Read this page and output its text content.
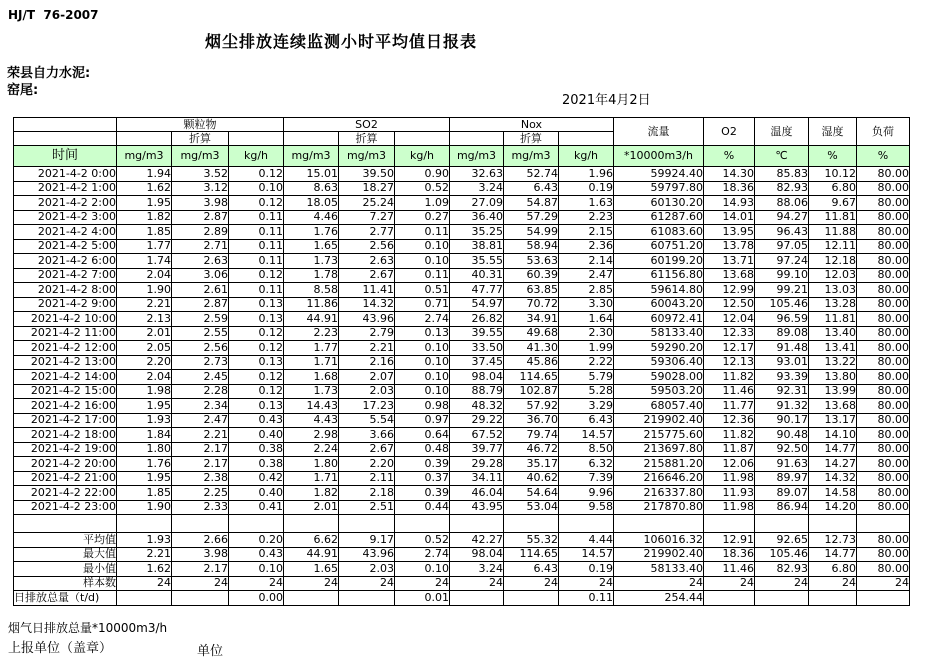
HJ/T  76-2007
烟尘排放连续监测小时平均值日报表
荣县自力水泥:
窑尾:
2021年4月2日
	颗粒物			SO2			Nox			流量	O2	温度	湿度	负荷
		折算			折算			折算						
时间	mg/m3	mg/m3	kg/h	mg/m3	mg/m3	kg/h	mg/m3	mg/m3	kg/h	*10000m3/h	%	℃	%	%
2021-4-2 0:00	1.94	3.52	0.12	15.01	39.50	0.90	32.63	52.74	1.96	59924.40	14.30	85.83	10.12	80.00
2021-4-2 1:00	1.62	3.12	0.10	8.63	18.27	0.52	3.24	6.43	0.19	59797.80	18.36	82.93	6.80	80.00
2021-4-2 2:00	1.95	3.98	0.12	18.05	25.24	1.09	27.09	54.87	1.63	60130.20	14.93	88.06	9.67	80.00
2021-4-2 3:00	1.82	2.87	0.11	4.46	7.27	0.27	36.40	57.29	2.23	61287.60	14.01	94.27	11.81	80.00
2021-4-2 4:00	1.85	2.89	0.11	1.76	2.77	0.11	35.25	54.99	2.15	61083.60	13.95	96.43	11.88	80.00
2021-4-2 5:00	1.77	2.71	0.11	1.65	2.56	0.10	38.81	58.94	2.36	60751.20	13.78	97.05	12.11	80.00
2021-4-2 6:00	1.74	2.63	0.11	1.73	2.63	0.10	35.55	53.63	2.14	60199.20	13.71	97.24	12.18	80.00
2021-4-2 7:00	2.04	3.06	0.12	1.78	2.67	0.11	40.31	60.39	2.47	61156.80	13.68	99.10	12.03	80.00
2021-4-2 8:00	1.90	2.61	0.11	8.58	11.41	0.51	47.77	63.85	2.85	59614.80	12.99	99.21	13.03	80.00
2021-4-2 9:00	2.21	2.87	0.13	11.86	14.32	0.71	54.97	70.72	3.30	60043.20	12.50	105.46	13.28	80.00
2021-4-2 10:00	2.13	2.59	0.13	44.91	43.96	2.74	26.82	34.91	1.64	60972.41	12.04	96.59	11.81	80.00
2021-4-2 11:00	2.01	2.55	0.12	2.23	2.79	0.13	39.55	49.68	2.30	58133.40	12.33	89.08	13.40	80.00
2021-4-2 12:00	2.05	2.56	0.12	1.77	2.21	0.10	33.50	41.30	1.99	59290.20	12.17	91.48	13.41	80.00
2021-4-2 13:00	2.20	2.73	0.13	1.71	2.16	0.10	37.45	45.86	2.22	59306.40	12.13	93.01	13.22	80.00
2021-4-2 14:00	2.04	2.45	0.12	1.68	2.07	0.10	98.04	114.65	5.79	59028.00	11.82	93.39	13.80	80.00
2021-4-2 15:00	1.98	2.28	0.12	1.73	2.03	0.10	88.79	102.87	5.28	59503.20	11.46	92.31	13.99	80.00
2021-4-2 16:00	1.95	2.34	0.13	14.43	17.23	0.98	48.32	57.92	3.29	68057.40	11.77	91.32	13.68	80.00
2021-4-2 17:00	1.93	2.47	0.43	4.43	5.54	0.97	29.22	36.70	6.43	219902.40	12.36	90.17	13.17	80.00
2021-4-2 18:00	1.84	2.21	0.40	2.98	3.66	0.64	67.52	79.74	14.57	215775.60	11.82	90.48	14.10	80.00
2021-4-2 19:00	1.80	2.17	0.38	2.24	2.67	0.48	39.77	46.72	8.50	213697.80	11.87	92.50	14.77	80.00
2021-4-2 20:00	1.76	2.17	0.38	1.80	2.20	0.39	29.28	35.17	6.32	215881.20	12.06	91.63	14.27	80.00
2021-4-2 21:00	1.95	2.38	0.42	1.71	2.11	0.37	34.11	40.62	7.39	216646.20	11.98	89.97	14.32	80.00
2021-4-2 22:00	1.85	2.25	0.40	1.82	2.18	0.39	46.04	54.64	9.96	216337.80	11.93	89.07	14.58	80.00
2021-4-2 23:00	1.90	2.33	0.41	2.01	2.51	0.44	43.95	53.04	9.58	217870.80	11.98	86.94	14.20	80.00

平均值	1.93	2.66	0.20	6.62	9.17	0.52	42.27	55.32	4.44	106016.32	12.91	92.65	12.73	80.00
最大值	2.21	3.98	0.43	44.91	43.96	2.74	98.04	114.65	14.57	219902.40	18.36	105.46	14.77	80.00
最小值	1.62	2.17	0.10	1.65	2.03	0.10	3.24	6.43	0.19	58133.40	11.46	82.93	6.80	80.00
样本数	24	24	24	24	24	24	24	24	24	24	24	24	24	24
日排放总量（t/d)			0.00			0.01			0.11	254.44				
烟气日排放总量*10000m3/h
上报单位（盖章）	单位
